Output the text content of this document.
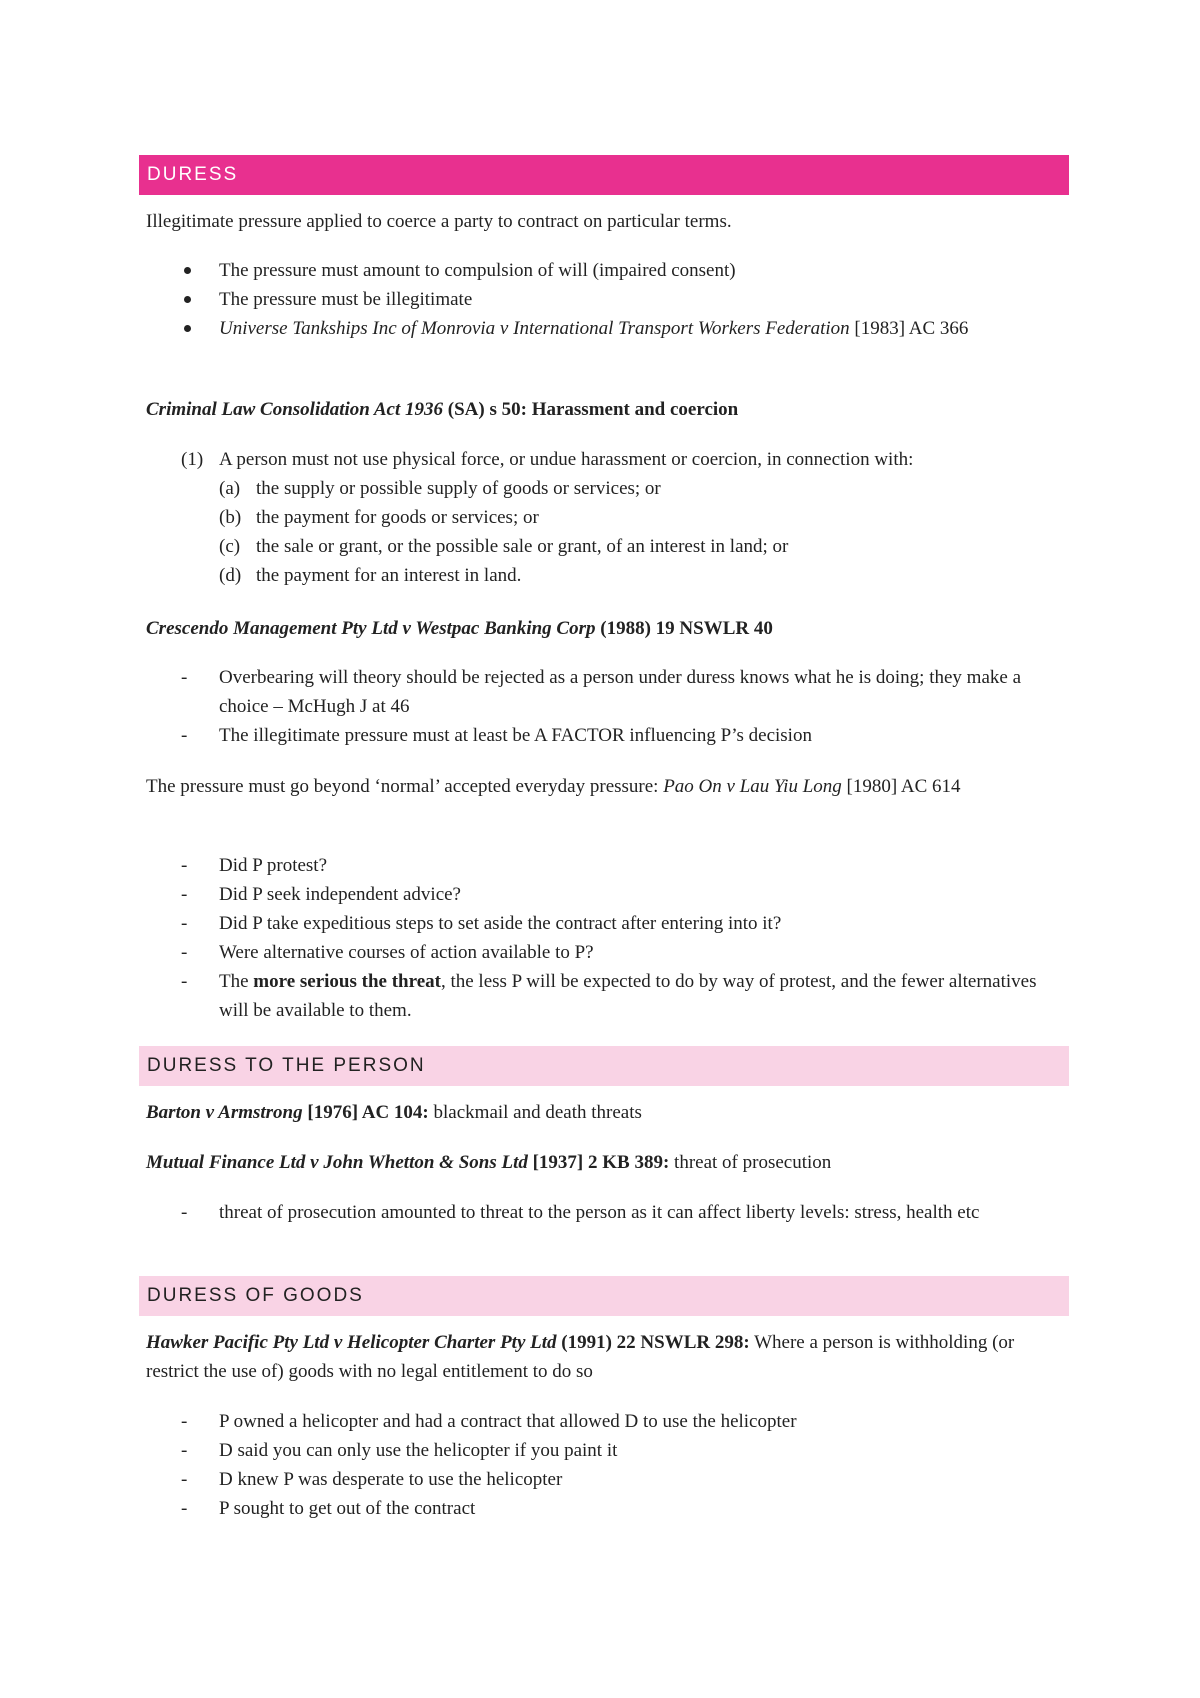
DURESS

Illegitimate pressure applied to coerce a party to contract on particular terms.

The pressure must amount to compulsion of will (impaired consent)
The pressure must be illegitimate
Universe Tankships Inc of Monrovia v International Transport Workers Federation [1983] AC 366

Criminal Law Consolidation Act 1936 (SA) s 50: Harassment and coercion

(1) A person must not use physical force, or undue harassment or coercion, in connection with:
(a) the supply or possible supply of goods or services; or
(b) the payment for goods or services; or
(c) the sale or grant, or the possible sale or grant, of an interest in land; or
(d) the payment for an interest in land.

Crescendo Management Pty Ltd v Westpac Banking Corp (1988) 19 NSWLR 40

-	Overbearing will theory should be rejected as a person under duress knows what he is doing; they make a choice – McHugh J at 46
-	The illegitimate pressure must at least be A FACTOR influencing P’s decision

The pressure must go beyond ‘normal’ accepted everyday pressure: Pao On v Lau Yiu Long [1980] AC 614

-	Did P protest?
-	Did P seek independent advice?
-	Did P take expeditious steps to set aside the contract after entering into it?
-	Were alternative courses of action available to P?
-	The more serious the threat, the less P will be expected to do by way of protest, and the fewer alternatives will be available to them.
DURESS TO THE PERSON

Barton v Armstrong [1976] AC 104: blackmail and death threats

Mutual Finance Ltd v John Whetton & Sons Ltd [1937] 2 KB 389: threat of prosecution

-	threat of prosecution amounted to threat to the person as it can affect liberty levels: stress, health etc
DURESS OF GOODS

Hawker Pacific Pty Ltd v Helicopter Charter Pty Ltd (1991) 22 NSWLR 298: Where a person is withholding (or restrict the use of) goods with no legal entitlement to do so

-	P owned a helicopter and had a contract that allowed D to use the helicopter
-	D said you can only use the helicopter if you paint it
-	D knew P was desperate to use the helicopter
-	P sought to get out of the contract
